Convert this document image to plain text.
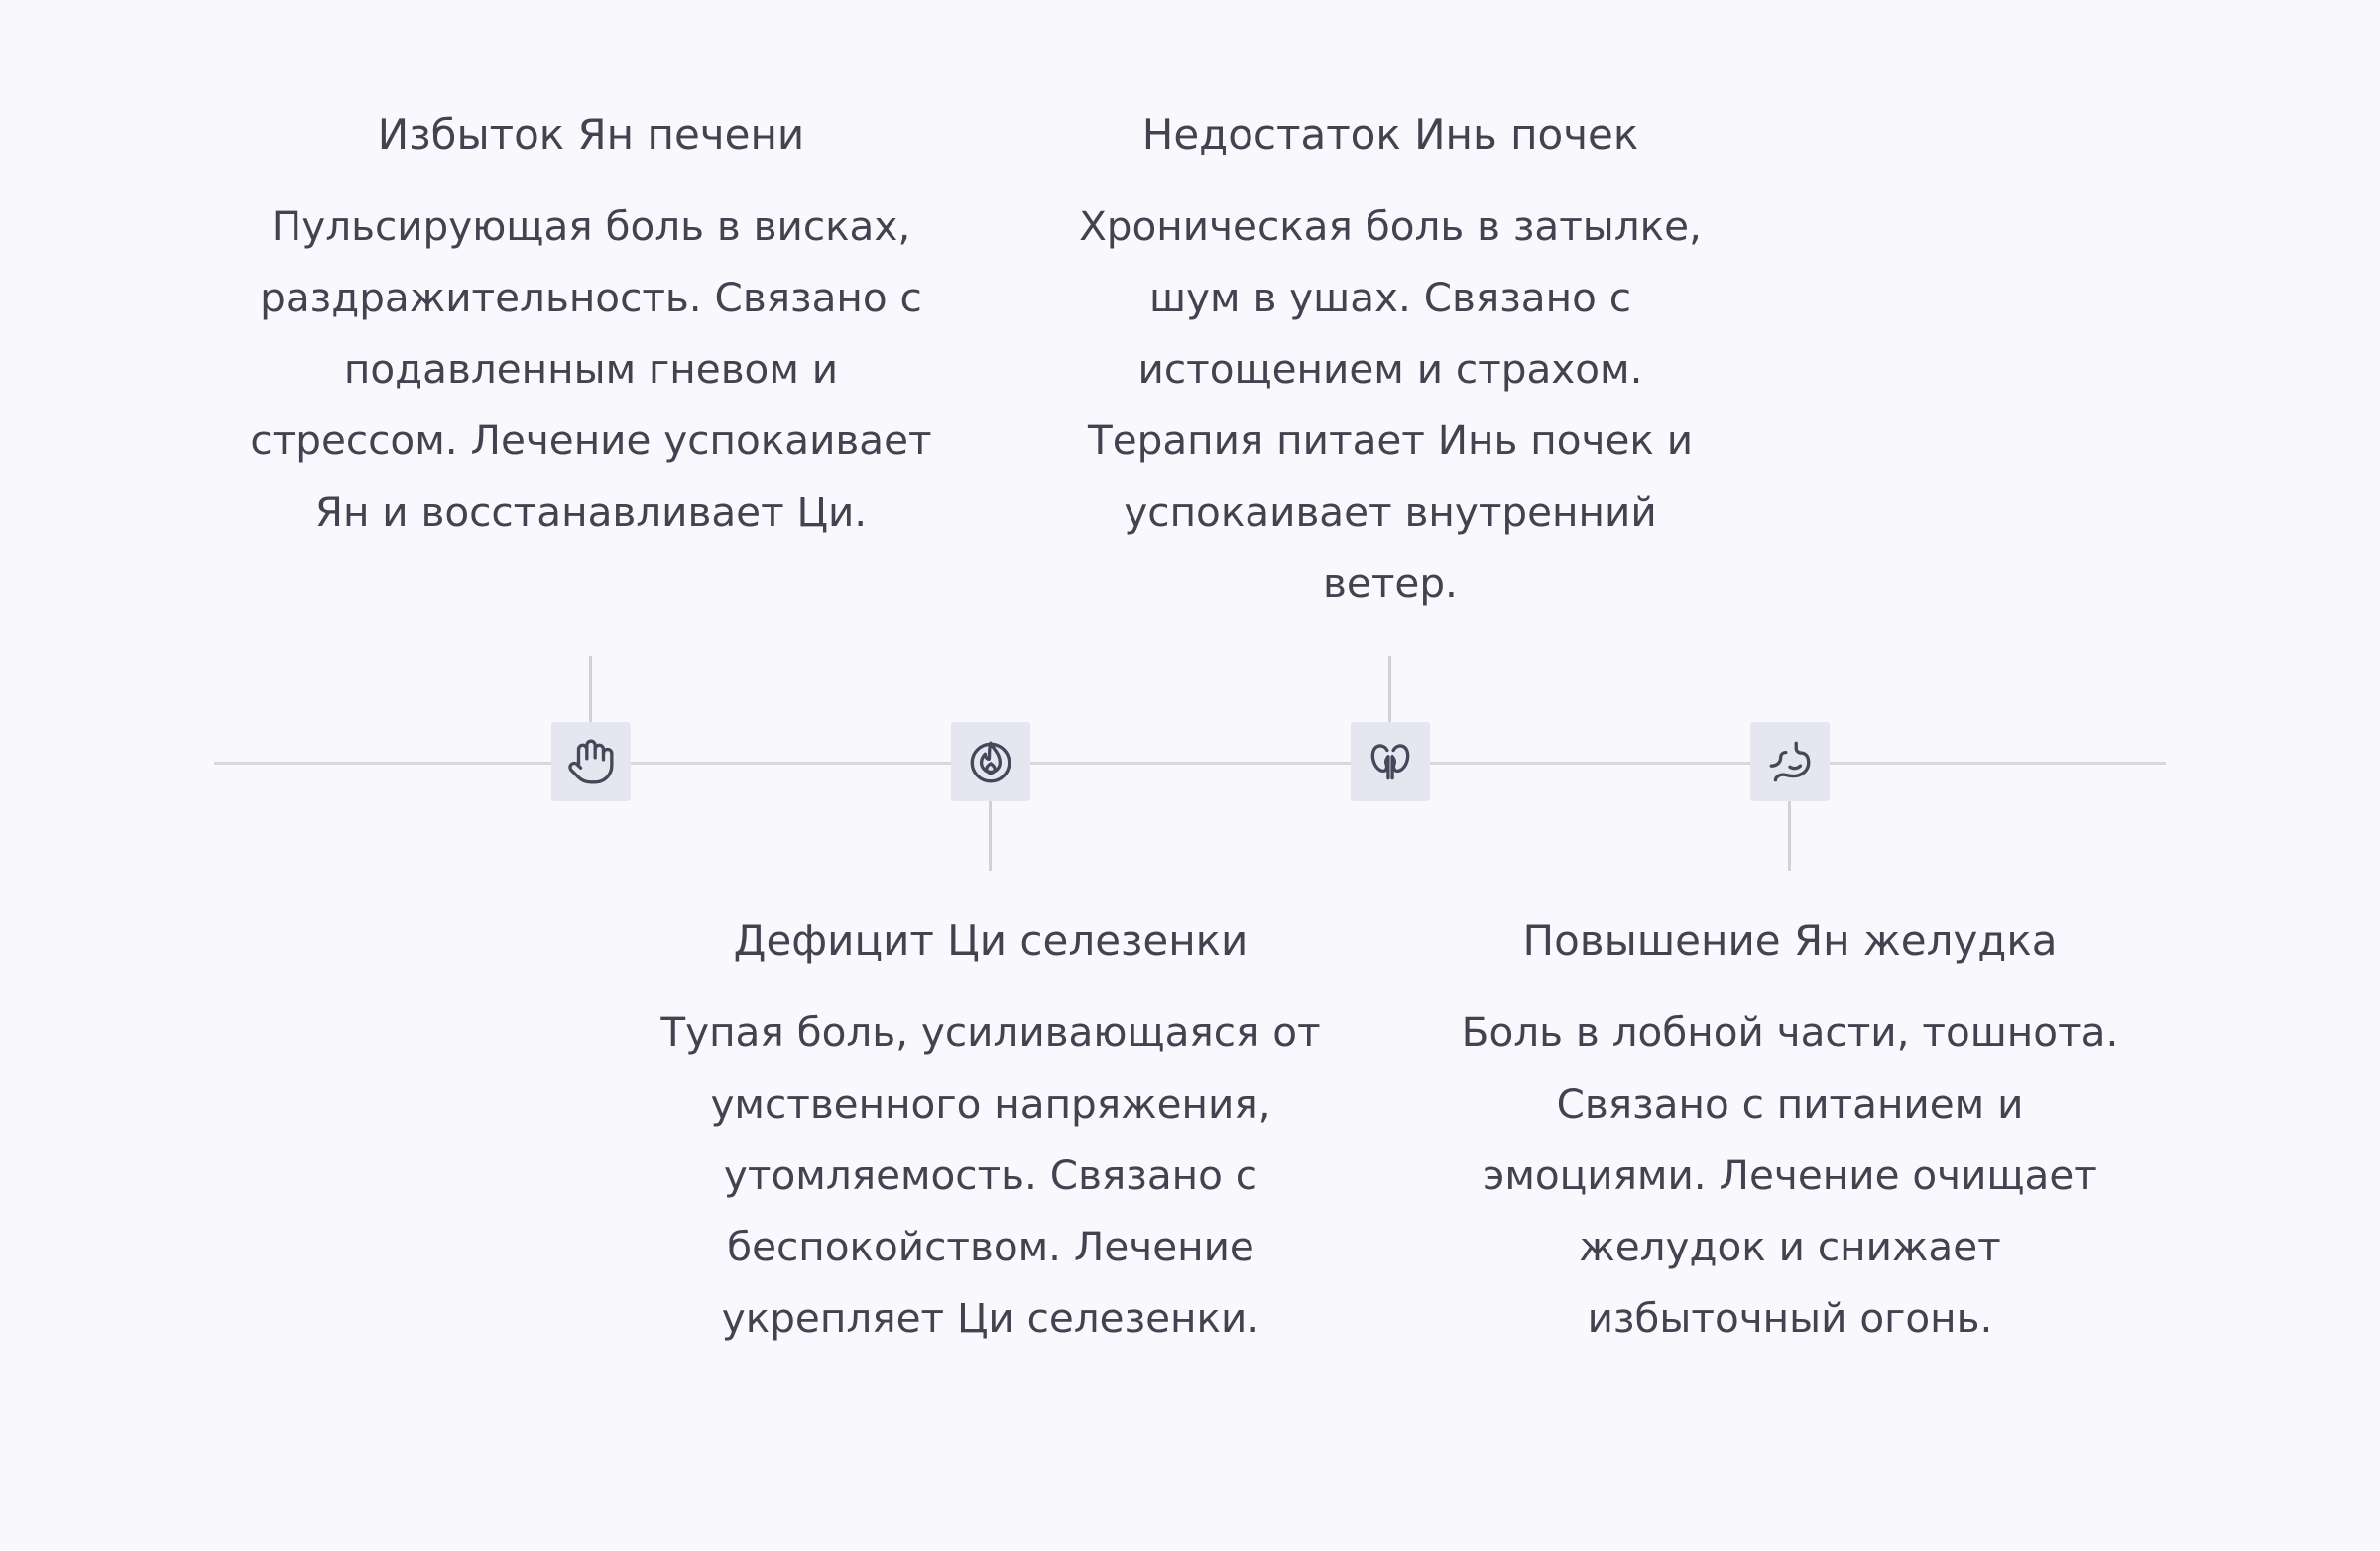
Избыток Ян печени
Пульсирующая боль в висках, раздражительность. Связано с подавленным гневом и стрессом. Лечение успокаивает Ян и восстанавливает Ци.
Дефицит Ци селезенки
Тупая боль, усиливающаяся от умственного напряжения, утомляемость. Связано с беспокойством. Лечение укрепляет Ци селезенки.
Недостаток Инь почек
Хроническая боль в затылке, шум в ушах. Связано с истощением и страхом. Терапия питает Инь почек и успокаивает внутренний ветер.
Повышение Ян желудка
Боль в лобной части, тошнота. Связано с питанием и эмоциями. Лечение очищает желудок и снижает избыточный огонь.
